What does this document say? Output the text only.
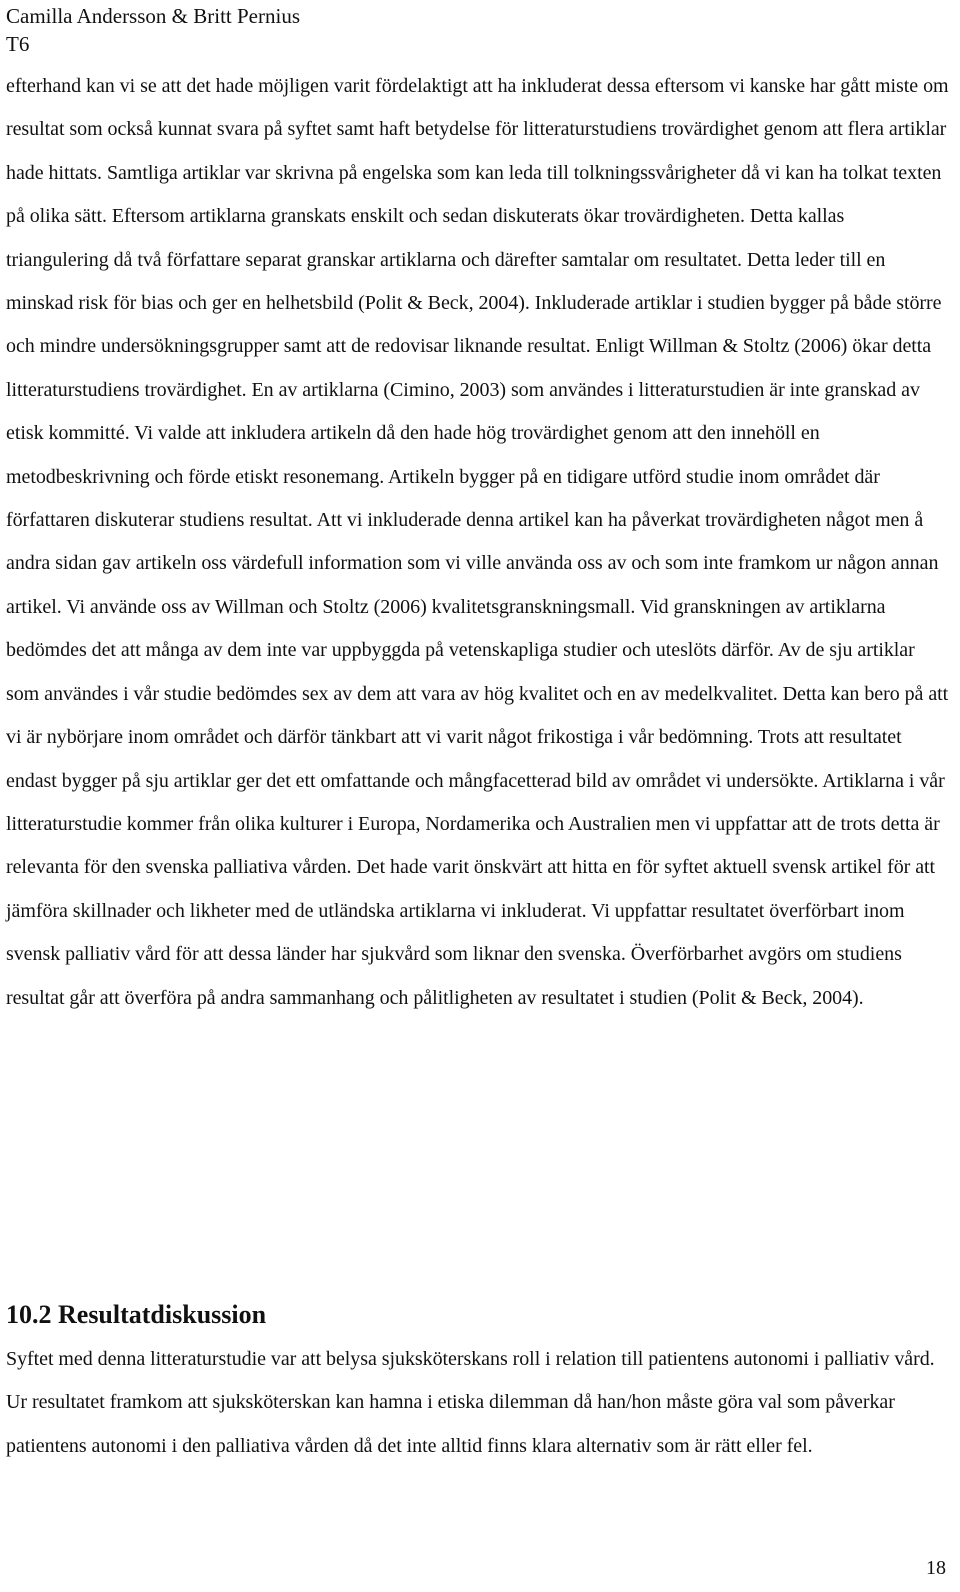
Camilla Andersson & Britt Pernius
T6

efterhand kan vi se att det hade möjligen varit fördelaktigt att ha inkluderat dessa eftersom vi kanske har gått miste om resultat som också kunnat svara på syftet samt haft betydelse för litteraturstudiens trovärdighet genom att flera artiklar hade hittats. Samtliga artiklar var skrivna på engelska som kan leda till tolkningssvårigheter då vi kan ha tolkat texten på olika sätt. Eftersom artiklarna granskats enskilt och sedan diskuterats ökar trovärdigheten. Detta kallas triangulering då två författare separat granskar artiklarna och därefter samtalar om resultatet. Detta leder till en minskad risk för bias och ger en helhetsbild (Polit & Beck, 2004). Inkluderade artiklar i studien bygger på både större och mindre undersökningsgrupper samt att de redovisar liknande resultat. Enligt Willman & Stoltz (2006) ökar detta litteraturstudiens trovärdighet. En av artiklarna (Cimino, 2003) som användes i litteraturstudien är inte granskad av etisk kommitté. Vi valde att inkludera artikeln då den hade hög trovärdighet genom att den innehöll en metodbeskrivning och förde etiskt resonemang. Artikeln bygger på en tidigare utförd studie inom området där författaren diskuterar studiens resultat. Att vi inkluderade denna artikel kan ha påverkat trovärdigheten något men å andra sidan gav artikeln oss värdefull information som vi ville använda oss av och som inte framkom ur någon annan artikel. Vi använde oss av Willman och Stoltz (2006) kvalitetsgranskningsmall. Vid granskningen av artiklarna bedömdes det att många av dem inte var uppbyggda på vetenskapliga studier och uteslöts därför. Av de sju artiklar som användes i vår studie bedömdes sex av dem att vara av hög kvalitet och en av medelkvalitet. Detta kan bero på att vi är nybörjare inom området och därför tänkbart att vi varit något frikostiga i vår bedömning. Trots att resultatet endast bygger på sju artiklar ger det ett omfattande och mångfacetterad bild av området vi undersökte. Artiklarna i vår litteraturstudie kommer från olika kulturer i Europa, Nordamerika och Australien men vi uppfattar att de trots detta är relevanta för den svenska palliativa vården. Det hade varit önskvärt att hitta en för syftet aktuell svensk artikel för att jämföra skillnader och likheter med de utländska artiklarna vi inkluderat. Vi uppfattar resultatet överförbart inom svensk palliativ vård för att dessa länder har sjukvård som liknar den svenska. Överförbarhet avgörs om studiens resultat går att överföra på andra sammanhang och pålitligheten av resultatet i studien (Polit & Beck, 2004).

10.2 Resultatdiskussion

Syftet med denna litteraturstudie var att belysa sjuksköterskans roll i relation till patientens autonomi i palliativ vård. Ur resultatet framkom att sjuksköterskan kan hamna i etiska dilemman då han/hon måste göra val som påverkar patientens autonomi i den palliativa vården då det inte alltid finns klara alternativ som är rätt eller fel.

18
